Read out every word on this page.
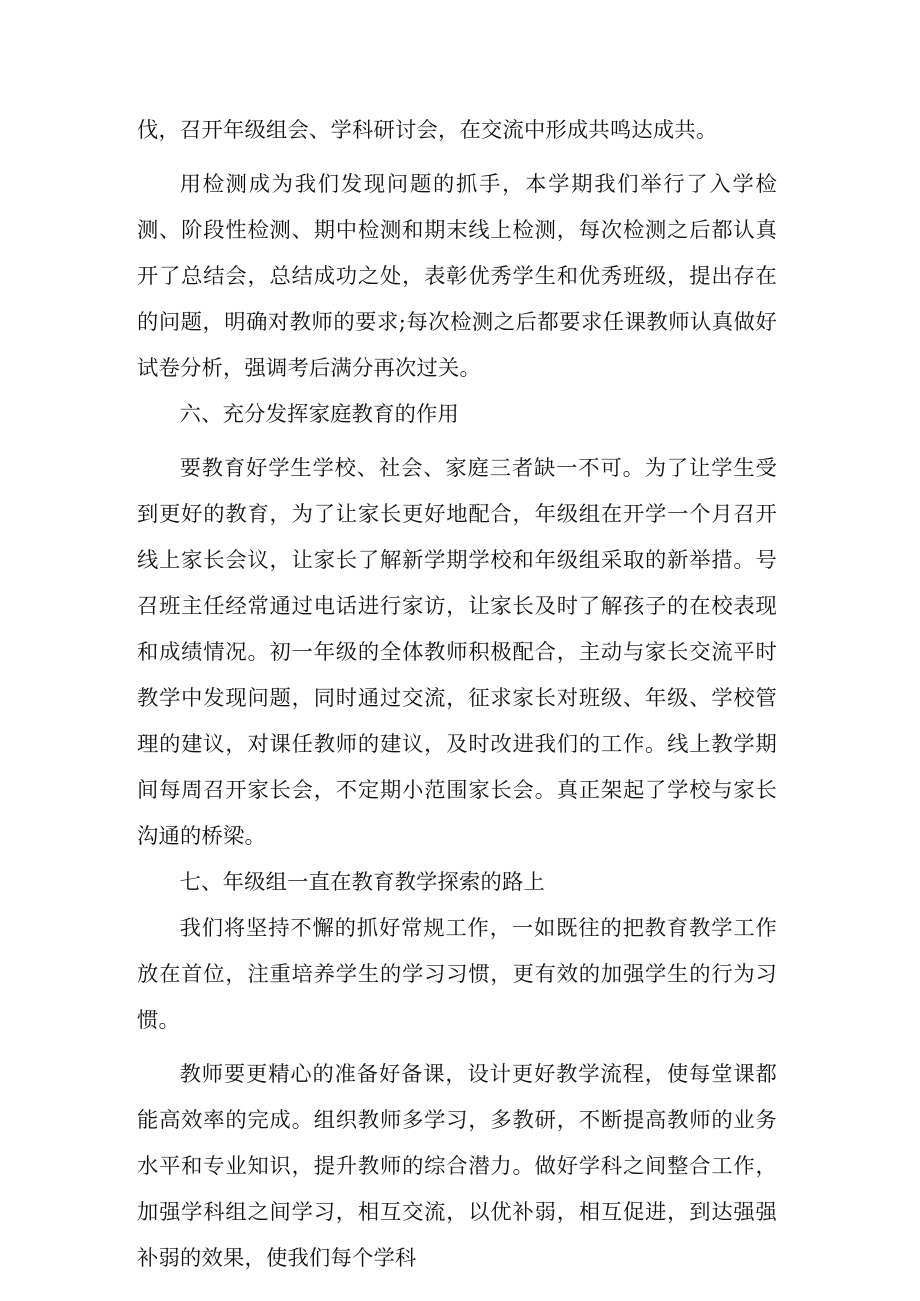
伐，召开年级组会、学科研讨会，在交流中形成共鸣达成共。

用检测成为我们发现问题的抓手，本学期我们举行了入学检测、阶段性检测、期中检测和期末线上检测，每次检测之后都认真开了总结会，总结成功之处，表彰优秀学生和优秀班级，提出存在的问题，明确对教师的要求;每次检测之后都要求任课教师认真做好试卷分析，强调考后满分再次过关。

六、充分发挥家庭教育的作用

要教育好学生学校、社会、家庭三者缺一不可。为了让学生受到更好的教育，为了让家长更好地配合，年级组在开学一个月召开线上家长会议，让家长了解新学期学校和年级组采取的新举措。号召班主任经常通过电话进行家访，让家长及时了解孩子的在校表现和成绩情况。初一年级的全体教师积极配合，主动与家长交流平时教学中发现问题，同时通过交流，征求家长对班级、年级、学校管理的建议，对课任教师的建议，及时改进我们的工作。线上教学期间每周召开家长会，不定期小范围家长会。真正架起了学校与家长沟通的桥梁。

七、年级组一直在教育教学探索的路上

我们将坚持不懈的抓好常规工作，一如既往的把教育教学工作放在首位，注重培养学生的学习习惯，更有效的加强学生的行为习惯。

教师要更精心的准备好备课，设计更好教学流程，使每堂课都能高效率的完成。组织教师多学习，多教研，不断提高教师的业务水平和专业知识，提升教师的综合潜力。做好学科之间整合工作，加强学科组之间学习，相互交流，以优补弱，相互促进，到达强强补弱的效果，使我们每个学科
